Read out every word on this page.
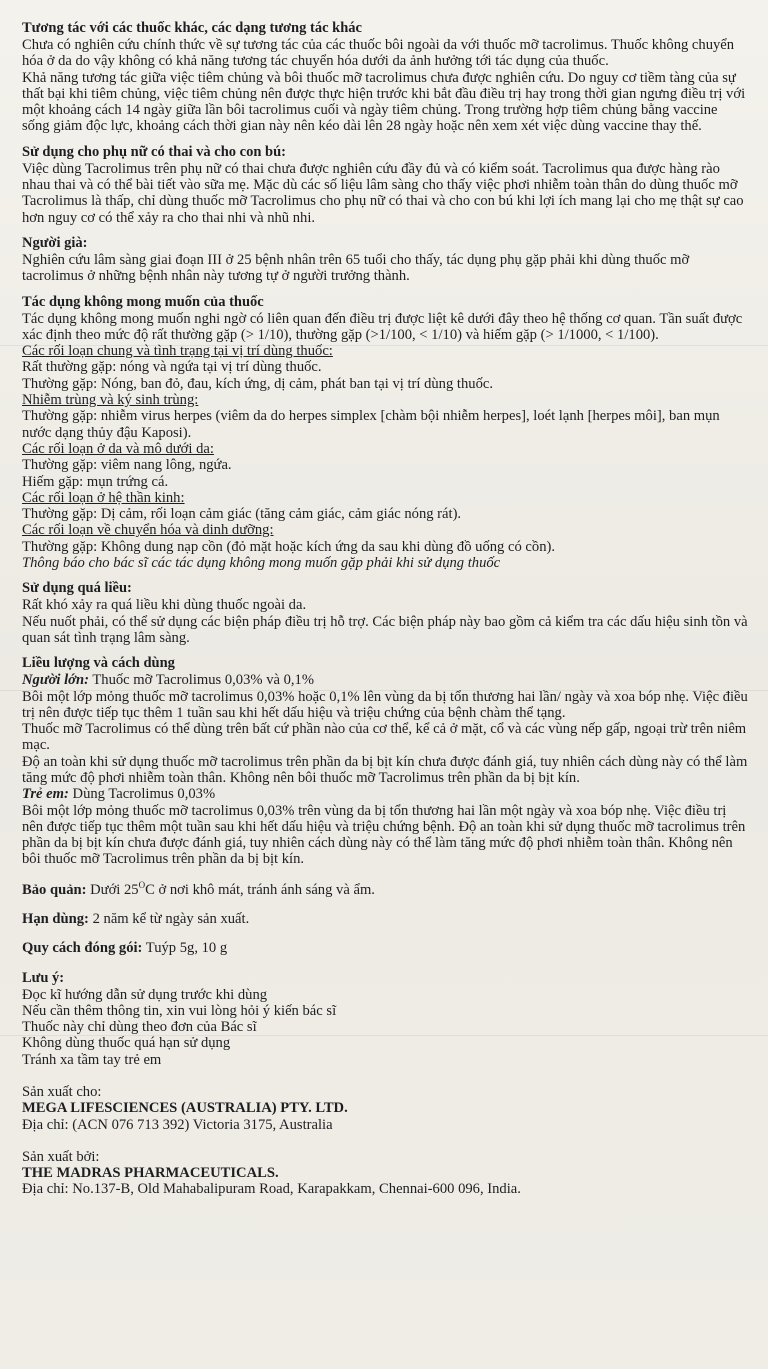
Tương tác với các thuốc khác, các dạng tương tác khác

Chưa có nghiên cứu chính thức về sự tương tác của các thuốc bôi ngoài da với thuốc mỡ tacrolimus. Thuốc không chuyển hóa ở da do vậy không có khả năng tương tác chuyển hóa dưới da ảnh hưởng tới tác dụng của thuốc.

Khả năng tương tác giữa việc tiêm chủng và bôi thuốc mỡ tacrolimus chưa được nghiên cứu. Do nguy cơ tiềm tàng của sự thất bại khi tiêm chủng, việc tiêm chủng nên được thực hiện trước khi bắt đầu điều trị hay trong thời gian ngưng điều trị với một khoảng cách 14 ngày giữa lần bôi tacrolimus cuối và ngày tiêm chủng. Trong trường hợp tiêm chủng bằng vaccine sống giảm độc lực, khoảng cách thời gian này nên kéo dài lên 28 ngày hoặc nên xem xét việc dùng vaccine thay thế.

Sử dụng cho phụ nữ có thai và cho con bú:

Việc dùng Tacrolimus trên phụ nữ có thai chưa được nghiên cứu đầy đủ và có kiểm soát. Tacrolimus qua được hàng rào nhau thai và có thể bài tiết vào sữa mẹ. Mặc dù các số liệu lâm sàng cho thấy việc phơi nhiễm toàn thân do dùng thuốc mỡ Tacrolimus là thấp, chỉ dùng thuốc mỡ Tacrolimus cho phụ nữ có thai và cho con bú khi lợi ích mang lại cho mẹ thật sự cao hơn nguy cơ có thể xảy ra cho thai nhi và nhũ nhi.

Người già:

Nghiên cứu lâm sàng giai đoạn III ở 25 bệnh nhân trên 65 tuổi cho thấy, tác dụng phụ gặp phải khi dùng thuốc mỡ tacrolimus ở những bệnh nhân này tương tự ở người trưởng thành.

Tác dụng không mong muốn của thuốc

Tác dụng không mong muốn nghi ngờ có liên quan đến điều trị được liệt kê dưới đây theo hệ thống cơ quan. Tần suất được xác định theo mức độ rất thường gặp (> 1/10), thường gặp (>1/100, < 1/10) và hiếm gặp (> 1/1000, < 1/100).

Các rối loạn chung và tình trạng tại vị trí dùng thuốc:

Rất thường gặp: nóng và ngứa tại vị trí dùng thuốc.

Thường gặp: Nóng, ban đỏ, đau, kích ứng, dị cảm, phát ban tại vị trí dùng thuốc.

Nhiễm trùng và ký sinh trùng:

Thường gặp: nhiễm virus herpes (viêm da do herpes simplex [chàm bội nhiễm herpes], loét lạnh [herpes môi], ban mụn nước dạng thủy đậu Kaposi).

Các rối loạn ở da và mô dưới da:

Thường gặp: viêm nang lông, ngứa.

Hiếm gặp: mụn trứng cá.

Các rối loạn ở hệ thần kinh:

Thường gặp: Dị cảm, rối loạn cảm giác (tăng cảm giác, cảm giác nóng rát).

Các rối loạn về chuyển hóa và dinh dưỡng:

Thường gặp: Không dung nạp cồn (đỏ mặt hoặc kích ứng da sau khi dùng đồ uống có cồn).

Thông báo cho bác sĩ các tác dụng không mong muốn gặp phải khi sử dụng thuốc

Sử dụng quá liều:

Rất khó xảy ra quá liều khi dùng thuốc ngoài da.

Nếu nuốt phải, có thể sử dụng các biện pháp điều trị hỗ trợ. Các biện pháp này bao gồm cả kiểm tra các dấu hiệu sinh tồn và quan sát tình trạng lâm sàng.

Liều lượng và cách dùng

Người lớn: Thuốc mỡ Tacrolimus 0,03% và 0,1%

Bôi một lớp mỏng thuốc mỡ tacrolimus 0,03% hoặc 0,1% lên vùng da bị tổn thương hai lần/ ngày và xoa bóp nhẹ. Việc điều trị nên được tiếp tục thêm 1 tuần sau khi hết dấu hiệu và triệu chứng của bệnh chàm thể tạng.

Thuốc mỡ Tacrolimus có thể dùng trên bất cứ phần nào của cơ thể, kể cả ở mặt, cổ và các vùng nếp gấp, ngoại trừ trên niêm mạc.

Độ an toàn khi sử dụng thuốc mỡ tacrolimus trên phần da bị bịt kín chưa được đánh giá, tuy nhiên cách dùng này có thể làm tăng mức độ phơi nhiễm toàn thân. Không nên bôi thuốc mỡ Tacrolimus trên phần da bị bịt kín.

Trẻ em: Dùng Tacrolimus 0,03%

Bôi một lớp mỏng thuốc mỡ tacrolimus 0,03% trên vùng da bị tổn thương hai lần một ngày và xoa bóp nhẹ. Việc điều trị nên được tiếp tục thêm một tuần sau khi hết dấu hiệu và triệu chứng bệnh. Độ an toàn khi sử dụng thuốc mỡ tacrolimus trên phần da bị bịt kín chưa được đánh giá, tuy nhiên cách dùng này có thể làm tăng mức độ phơi nhiễm toàn thân. Không nên bôi thuốc mỡ Tacrolimus trên phần da bị bịt kín.

Bảo quản: Dưới $25^OC$ ở nơi khô mát, tránh ánh sáng và ẩm.

Hạn dùng: 2 năm kể từ ngày sản xuất.

Quy cách đóng gói: Tuýp 5g, 10 g

Lưu ý:

Đọc kĩ hướng dẫn sử dụng trước khi dùng

Nếu cần thêm thông tin, xin vui lòng hỏi ý kiến bác sĩ

Thuốc này chỉ dùng theo đơn của Bác sĩ

Không dùng thuốc quá hạn sử dụng

Tránh xa tầm tay trẻ em

Sản xuất cho:

MEGA LIFESCIENCES (AUSTRALIA) PTY. LTD.

Địa chỉ: (ACN 076 713 392) Victoria 3175, Australia

Sản xuất bởi:

THE MADRAS PHARMACEUTICALS.

Địa chỉ: No.137-B, Old Mahabalipuram Road, Karapakkam, Chennai-600 096, India.
